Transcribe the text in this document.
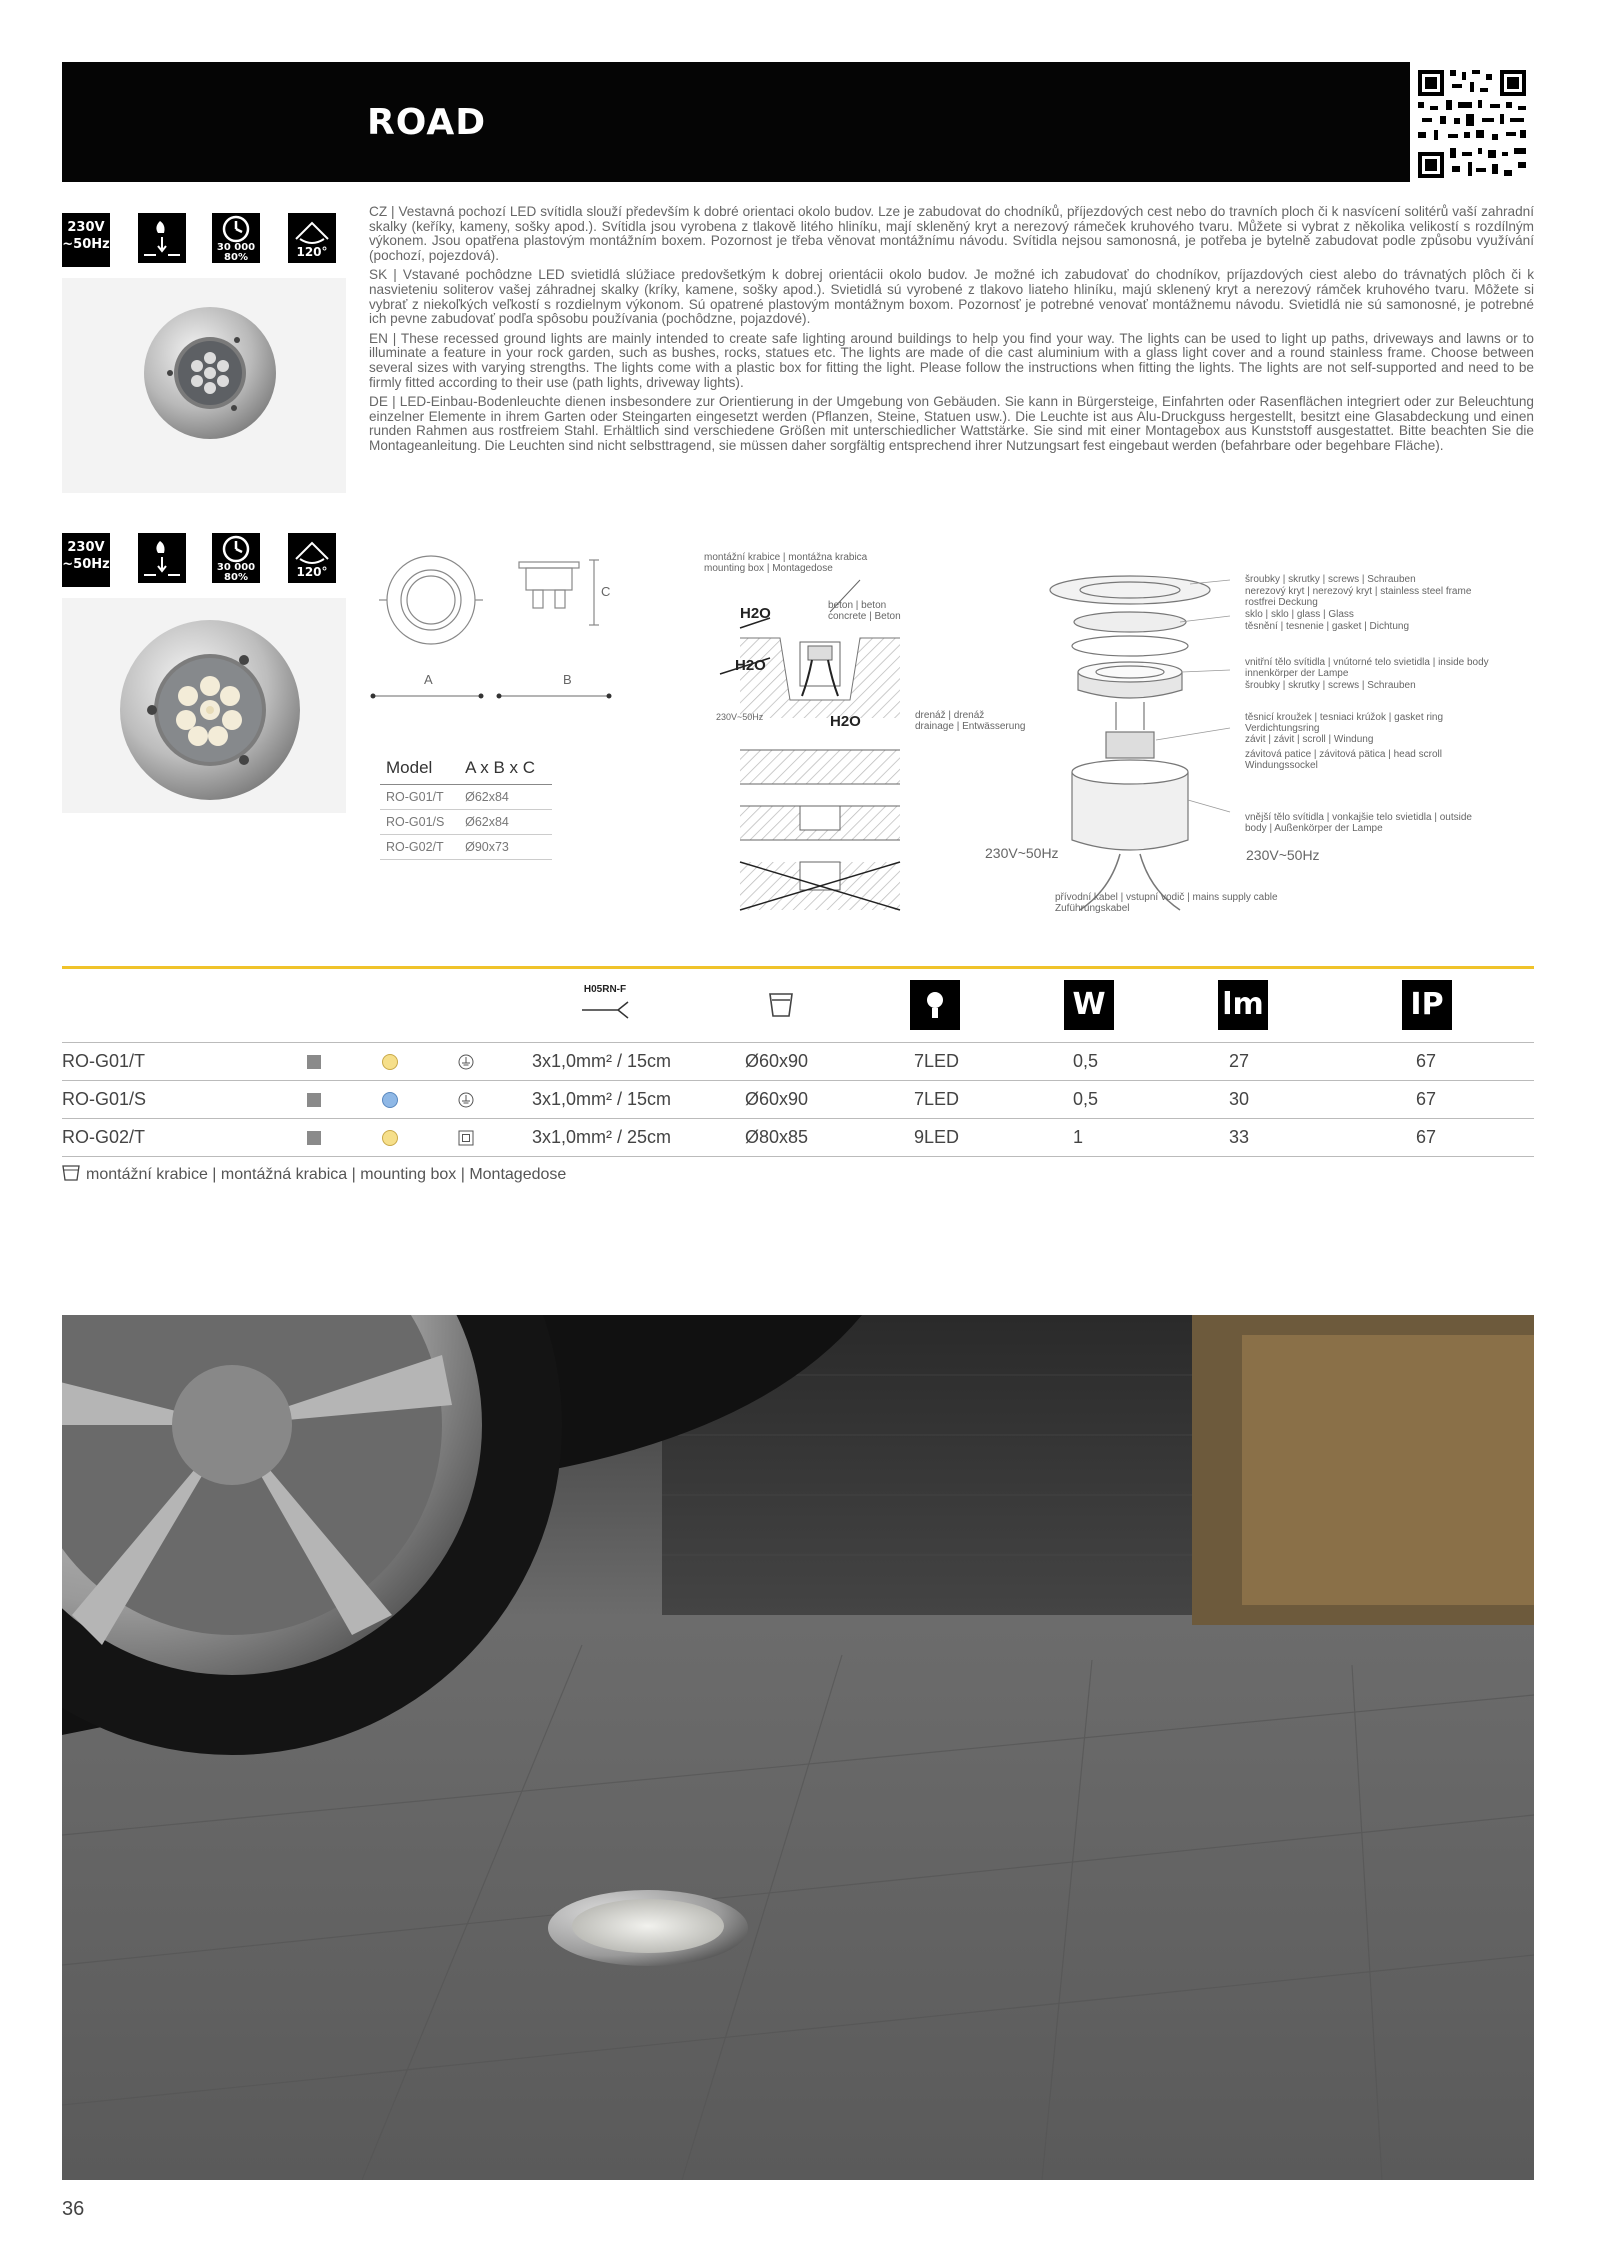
ROAD
230V
~50Hz	30 000
80%	120°
230V
~50Hz	30 000
80%	120°

CZ | Vestavná pochozí LED svítidla slouží především k dobré orientaci okolo budov. Lze je zabudovat do chodníků, příjezdových cest nebo do travních ploch či k nasvícení solitérů vaší zahradní skalky (keříky, kameny, sošky apod.). Svítidla jsou vyrobena z tlakově litého hliníku, mají skleněný kryt a nerezový rámeček kruhového tvaru. Můžete si vybrat z několika velikostí s rozdílným výkonem. Jsou opatřena plastovým montážním boxem. Pozornost je třeba věnovat montážnímu návodu. Svítidla nejsou samonosná, je potřeba je bytelně zabudovat podle způsobu využívání (pochozí, pojezdová).

SK | Vstavané pochôdzne LED svietidlá slúžiace predovšetkým k dobrej orientácii okolo budov. Je možné ich zabudovať do chodníkov, príjazdových ciest alebo do trávnatých plôch či k nasvieteniu soliterov vašej záhradnej skalky (kríky, kamene, sošky apod.). Svietidlá sú vyrobené z tlakovo liateho hliníku, majú sklenený kryt a nerezový rámček kruhového tvaru. Môžete si vybrať z niekoľkých veľkostí s rozdielnym výkonom. Sú opatrené plastovým montážnym boxom. Pozornosť je potrebné venovať montážnemu návodu. Svietidlá nie sú samonosné, je potrebné ich pevne zabudovať podľa spôsobu používania (pochôdzne, pojazdové).

EN | These recessed ground lights are mainly intended to create safe lighting around buildings to help you find your way. The lights can be used to light up paths, driveways and lawns or to illuminate a feature in your rock garden, such as bushes, rocks, statues etc. The lights are made of die cast aluminium with a glass light cover and a round stainless frame. Choose between several sizes with varying strengths. The lights come with a plastic box for fitting the light. Please follow the instructions when fitting the lights. The lights are not self-supported and need to be firmly fitted according to their use (path lights, driveway lights).

DE | LED-Einbau-Bodenleuchte dienen insbesondere zur Orientierung in der Umgebung von Gebäuden. Sie kann in Bürgersteige, Einfahrten oder Rasenflächen integriert oder zur Beleuchtung einzelner Elemente in ihrem Garten oder Steingarten eingesetzt werden (Pflanzen, Steine, Statuen usw.). Die Leuchte ist aus Alu-Druckguss hergestellt, besitzt eine Glasabdeckung und einen runden Rahmen aus rostfreiem Stahl. Erhältlich sind verschiedene Größen mit unterschiedlicher Wattstärke. Sie sind mit einer Montagebox aus Kunststoff ausgestattet. Bitte beachten Sie die Montageanleitung. Die Leuchten sind nicht selbsttragend, sie müssen daher sorgfältig entsprechend ihrer Nutzungsart fest eingebaut werden (befahrbare oder begehbare Fläche).

A	B
C
Model	A x B x C
RO-G01/T	Ø62x84
RO-G01/S	Ø62x84
RO-G02/T	Ø90x73
montážní krabice | montážna krabica
mounting box | Montagedose
beton | beton
concrete | Beton
H2O
H2O
H2O
230V~50Hz	drenáž | drenáž
drainage | Entwässerung
šroubky | skrutky | screws | Schrauben
nerezový kryt | nerezový kryt | stainless steel frame
rostfrei Deckung
sklo | sklo | glass | Glass
těsnění | tesnenie | gasket | Dichtung
vnitřní tělo svítidla | vnútorné telo svietidla | inside body
innenkörper der Lampe
šroubky | skrutky | screws | Schrauben
těsnicí kroužek | tesniaci krúžok | gasket ring
Verdichtungsring
závit | závit | scroll | Windung
závitová patice | závitová pätica | head scroll
Windungssockel
vnější tělo svítidla | vonkajšie telo svietidla | outside
body | Außenkörper der Lampe
230V~50Hz	230V~50Hz
přívodní kabel | vstupní vodič | mains supply cable
Zuführungskabel
H05RN-F	W	lm	IP
RO-G01/T	3x1,0mm² / 15cm	Ø60x90	7LED	0,5	27	67
RO-G01/S	3x1,0mm² / 15cm	Ø60x90	7LED	0,5	30	67
RO-G02/T	3x1,0mm² / 25cm	Ø80x85	9LED	1	33	67
montážní krabice | montážná krabica | mounting box | Montagedose
36
